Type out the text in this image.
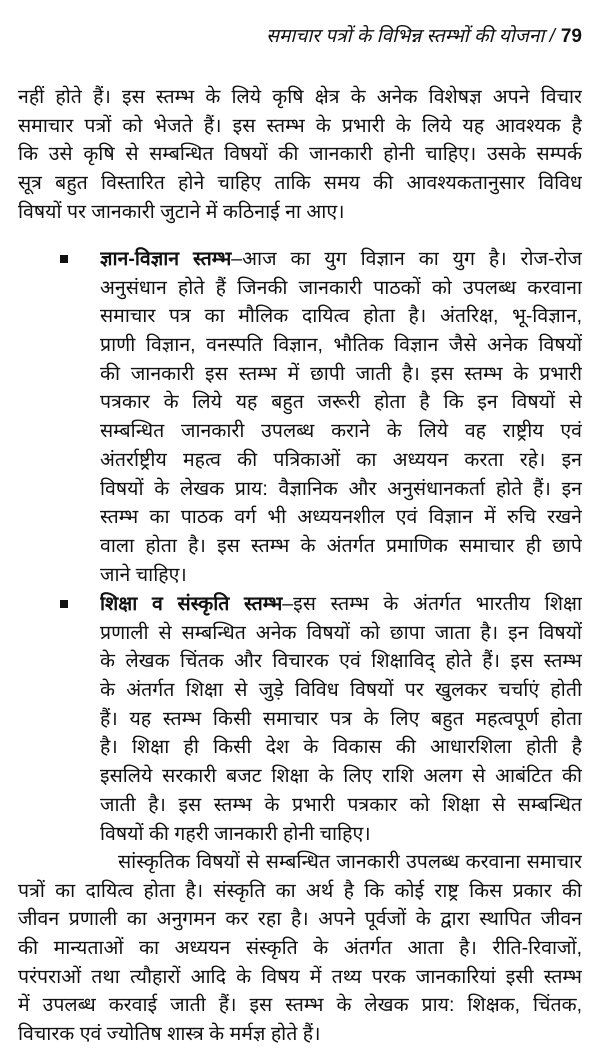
समाचार पत्रों के विभिन्न स्तम्भों की योजना / 79
नहीं होते हैं। इस स्तम्भ के लिये कृषि क्षेत्र के अनेक विशेषज्ञ अपने विचार
समाचार पत्रों को भेजते हैं। इस स्तम्भ के प्रभारी के लिये यह आवश्यक है
कि उसे कृषि से सम्बन्धित विषयों की जानकारी होनी चाहिए। उसके सम्पर्क
सूत्र बहुत विस्तारित होने चाहिए ताकि समय की आवश्यकतानुसार विविध
विषयों पर जानकारी जुटाने में कठिनाई ना आए।
ज्ञान-विज्ञान स्तम्भ–आज का युग विज्ञान का युग है। रोज-रोज
अनुसंधान होते हैं जिनकी जानकारी पाठकों को उपलब्ध करवाना
समाचार पत्र का मौलिक दायित्व होता है। अंतरिक्ष, भू-विज्ञान,
प्राणी विज्ञान, वनस्पति विज्ञान, भौतिक विज्ञान जैसे अनेक विषयों
की जानकारी इस स्तम्भ में छापी जाती है। इस स्तम्भ के प्रभारी
पत्रकार के लिये यह बहुत जरूरी होता है कि इन विषयों से
सम्बन्धित जानकारी उपलब्ध कराने के लिये वह राष्ट्रीय एवं
अंतर्राष्ट्रीय महत्व की पत्रिकाओं का अध्ययन करता रहे। इन
विषयों के लेखक प्राय: वैज्ञानिक और अनुसंधानकर्ता होते हैं। इन
स्तम्भ का पाठक वर्ग भी अध्ययनशील एवं विज्ञान में रुचि रखने
वाला होता है। इस स्तम्भ के अंतर्गत प्रमाणिक समाचार ही छापे
जाने चाहिए।
शिक्षा व संस्कृति स्तम्भ–इस स्तम्भ के अंतर्गत भारतीय शिक्षा
प्रणाली से सम्बन्धित अनेक विषयों को छापा जाता है। इन विषयों
के लेखक चिंतक और विचारक एवं शिक्षाविद् होते हैं। इस स्तम्भ
के अंतर्गत शिक्षा से जुड़े विविध विषयों पर खुलकर चर्चाएं होती
हैं। यह स्तम्भ किसी समाचार पत्र के लिए बहुत महत्वपूर्ण होता
है। शिक्षा ही किसी देश के विकास की आधारशिला होती है
इसलिये सरकारी बजट शिक्षा के लिए राशि अलग से आबंटित की
जाती है। इस स्तम्भ के प्रभारी पत्रकार को शिक्षा से सम्बन्धित
विषयों की गहरी जानकारी होनी चाहिए।
सांस्कृतिक विषयों से सम्बन्धित जानकारी उपलब्ध करवाना समाचार
पत्रों का दायित्व होता है। संस्कृति का अर्थ है कि कोई राष्ट्र किस प्रकार की
जीवन प्रणाली का अनुगमन कर रहा है। अपने पूर्वजों के द्वारा स्थापित जीवन
की मान्यताओं का अध्ययन संस्कृति के अंतर्गत आता है। रीति-रिवाजों,
परंपराओं तथा त्यौहारों आदि के विषय में तथ्य परक जानकारियां इसी स्तम्भ
में उपलब्ध करवाई जाती हैं। इस स्तम्भ के लेखक प्राय: शिक्षक, चिंतक,
विचारक एवं ज्योतिष शास्त्र के मर्मज्ञ होते हैं।
